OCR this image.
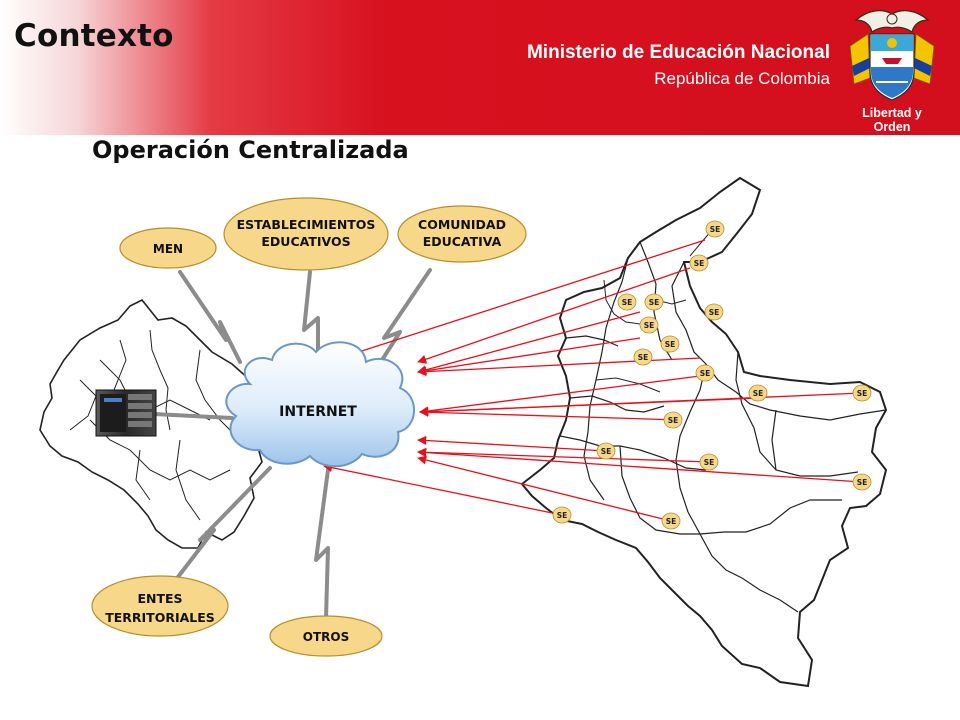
Contexto	Ministerio de Educación Nacional
República de Colombia
Libertad y Orden
Operación Centralizada
INTERNET
MEN
ESTABLECIMIENTOS
EDUCATIVOS
COMUNIDAD
EDUCATIVA
ENTES
TERRITORIALES
OTROS
SE
SE
SE SE
SE
SE
SE
SE
SE
SE	SE
SE
SE
SE
SE
SE
SE
